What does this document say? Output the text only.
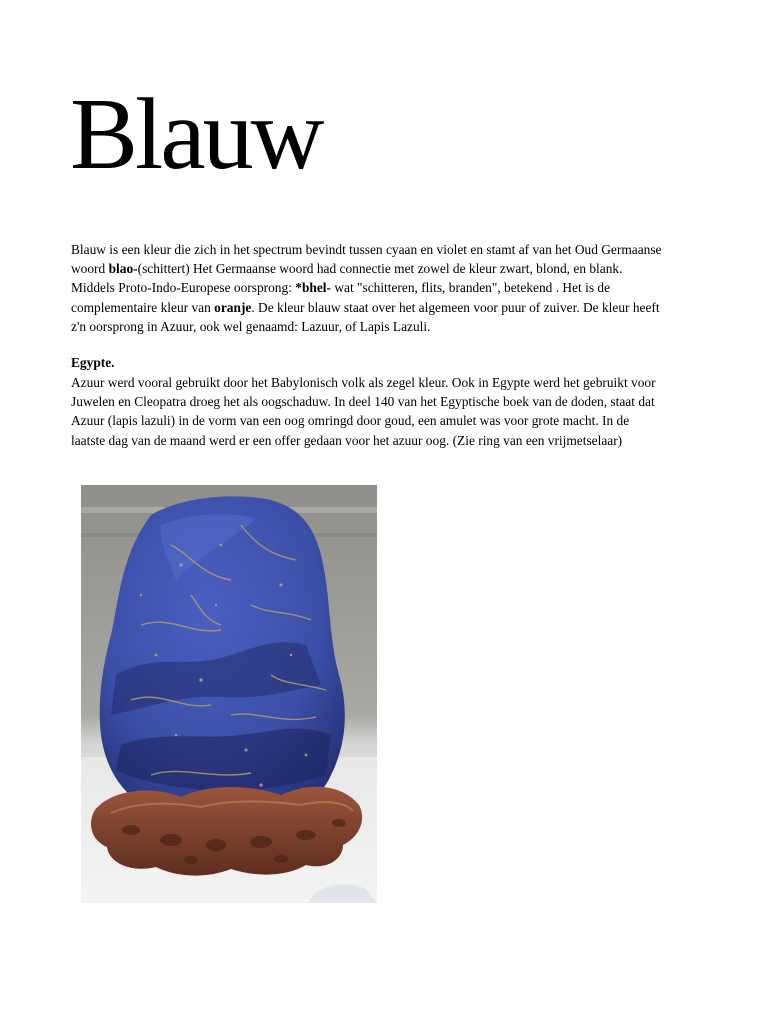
Blauw

Blauw is een kleur die zich in het spectrum bevindt tussen cyaan en violet en stamt af van het Oud Germaanse
woord blao-(schittert) Het Germaanse woord had connectie met zowel de kleur zwart, blond, en blank.
Middels Proto-Indo-Europese oorsprong: *bhel- wat "schitteren, flits, branden", betekend . Het is de
complementaire kleur van oranje. De kleur blauw staat over het algemeen voor puur of zuiver. De kleur heeft
z'n oorsprong in Azuur, ook wel genaamd: Lazuur, of Lapis Lazuli.

Egypte.

Azuur werd vooral gebruikt door het Babylonisch volk als zegel kleur. Ook in Egypte werd het gebruikt voor
Juwelen en Cleopatra droeg het als oogschaduw. In deel 140 van het Egyptische boek van de doden, staat dat
Azuur (lapis lazuli) in de vorm van een oog omringd door goud, een amulet was voor grote macht. In de
laatste dag van de maand werd er een offer gedaan voor het azuur oog. (Zie ring van een vrijmetselaar)
